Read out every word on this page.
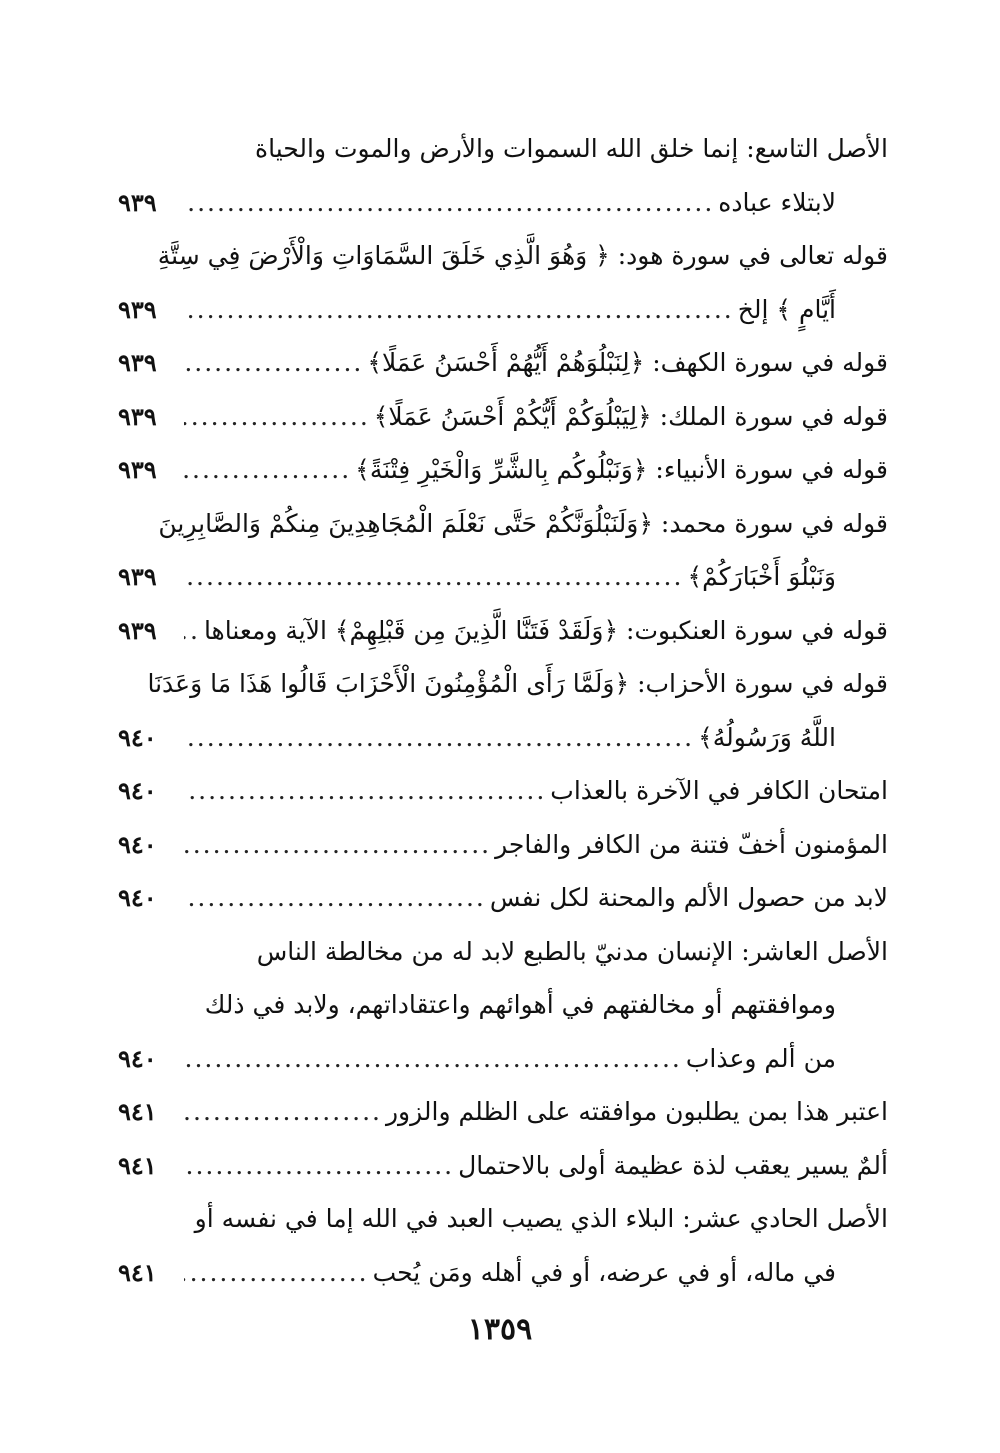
الأصل التاسع: إنما خلق الله السموات والأرض والموت والحياة
لابتلاء عباده
.....
٩٣٩
قوله تعالى في سورة هود: ﴿ وَهُوَ الَّذِي خَلَقَ السَّمَاوَاتِ وَالْأَرْضَ فِي سِتَّةِ
أَيَّامٍ ﴾ إلخ
.....
٩٣٩
قوله في سورة الكهف: ﴿لِنَبْلُوَهُمْ أَيُّهُمْ أَحْسَنُ عَمَلًا﴾
.....
٩٣٩
قوله في سورة الملك: ﴿لِيَبْلُوَكُمْ أَيُّكُمْ أَحْسَنُ عَمَلًا﴾
.....
٩٣٩
قوله في سورة الأنبياء: ﴿وَنَبْلُوكُم بِالشَّرِّ وَالْخَيْرِ فِتْنَةً﴾
.....
٩٣٩
قوله في سورة محمد: ﴿وَلَنَبْلُوَنَّكُمْ حَتَّى نَعْلَمَ الْمُجَاهِدِينَ مِنكُمْ وَالصَّابِرِينَ
وَنَبْلُوَ أَخْبَارَكُمْ﴾
.....
٩٣٩
قوله في سورة العنكبوت: ﴿وَلَقَدْ فَتَنَّا الَّذِينَ مِن قَبْلِهِمْ﴾ الآية ومعناها
.....
٩٣٩
قوله في سورة الأحزاب: ﴿وَلَمَّا رَأَى الْمُؤْمِنُونَ الْأَحْزَابَ قَالُوا هَذَا مَا وَعَدَنَا
اللَّهُ وَرَسُولُهُ﴾
.....
٩٤٠
امتحان الكافر في الآخرة بالعذاب
.....
٩٤٠
المؤمنون أخفّ فتنة من الكافر والفاجر
.....
٩٤٠
لابد من حصول الألم والمحنة لكل نفس
.....
٩٤٠
الأصل العاشر: الإنسان مدنيّ بالطبع لابد له من مخالطة الناس
وموافقتهم أو مخالفتهم في أهوائهم واعتقاداتهم، ولابد في ذلك
من ألم وعذاب
.....
٩٤٠
اعتبر هذا بمن يطلبون موافقته على الظلم والزور
.....
٩٤١
ألمٌ يسير يعقب لذة عظيمة أولى بالاحتمال
.....
٩٤١
الأصل الحادي عشر: البلاء الذي يصيب العبد في الله إما في نفسه أو
في ماله، أو في عرضه، أو في أهله ومَن يُحب
.....
٩٤١
١٣٥٩
